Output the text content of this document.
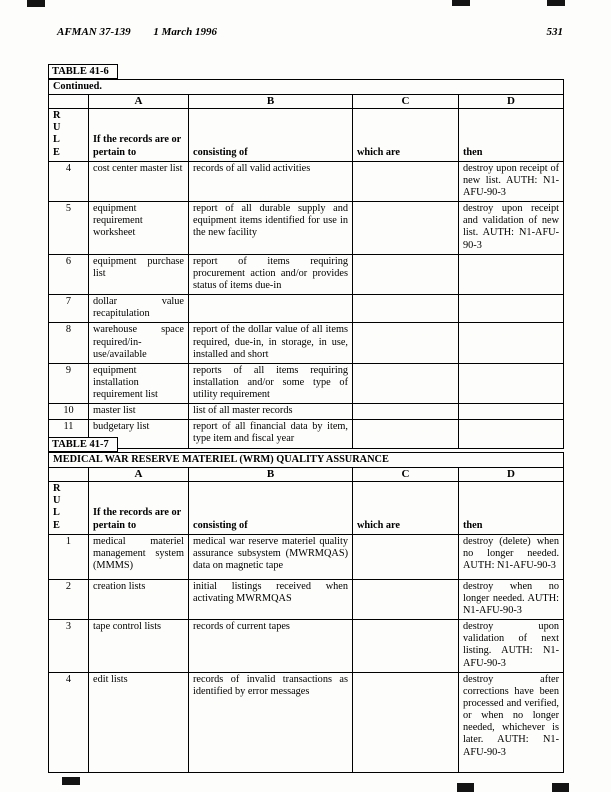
AFMAN 37-139 1 March 1996	531
TABLE 41-6
Continued.				
	A	B	C	D

R
U
L
E	If the records are or pertain to	consisting of	which are	then
4	cost center master list	records of all valid activities		destroy upon receipt of new list. AUTH: N1-AFU-90-3
5	equipment requirement worksheet	report of all durable supply and equipment items identified for use in the new facility		destroy upon receipt and validation of new list. AUTH: N1-AFU-90-3
6	equipment purchase list	report of items requiring procurement action and/or provides status of items due-in		
7	dollar value recapitulation			
8	warehouse space required/in-use/available	report of the dollar value of all items required, due-in, in storage, in use, installed and short		
9	equipment installation requirement list	reports of all items requiring installation and/or some type of utility requirement		
10	master list	list of all master records		
11	budgetary list	report of all financial data by item, type item and fiscal year		
TABLE 41-7
MEDICAL WAR RESERVE MATERIEL (WRM) QUALITY ASSURANCE				
	A	B	C	D

R
U
L
E	If the records are or pertain to	consisting of	which are	then
1	medical materiel management system (MMMS)	medical war reserve materiel quality assurance subsystem (MWRMQAS) data on magnetic tape		destroy (delete) when no longer needed. AUTH: N1-AFU-90-3
2	creation lists	initial listings received when activating MWRMQAS		destroy when no longer needed. AUTH: N1-AFU-90-3
3	tape control lists	records of current tapes		destroy upon validation of next listing. AUTH: N1-AFU-90-3
4	edit lists	records of invalid transactions as identified by error messages		destroy after corrections have been processed and verified, or when no longer needed, whichever is later. AUTH: N1-AFU-90-3
